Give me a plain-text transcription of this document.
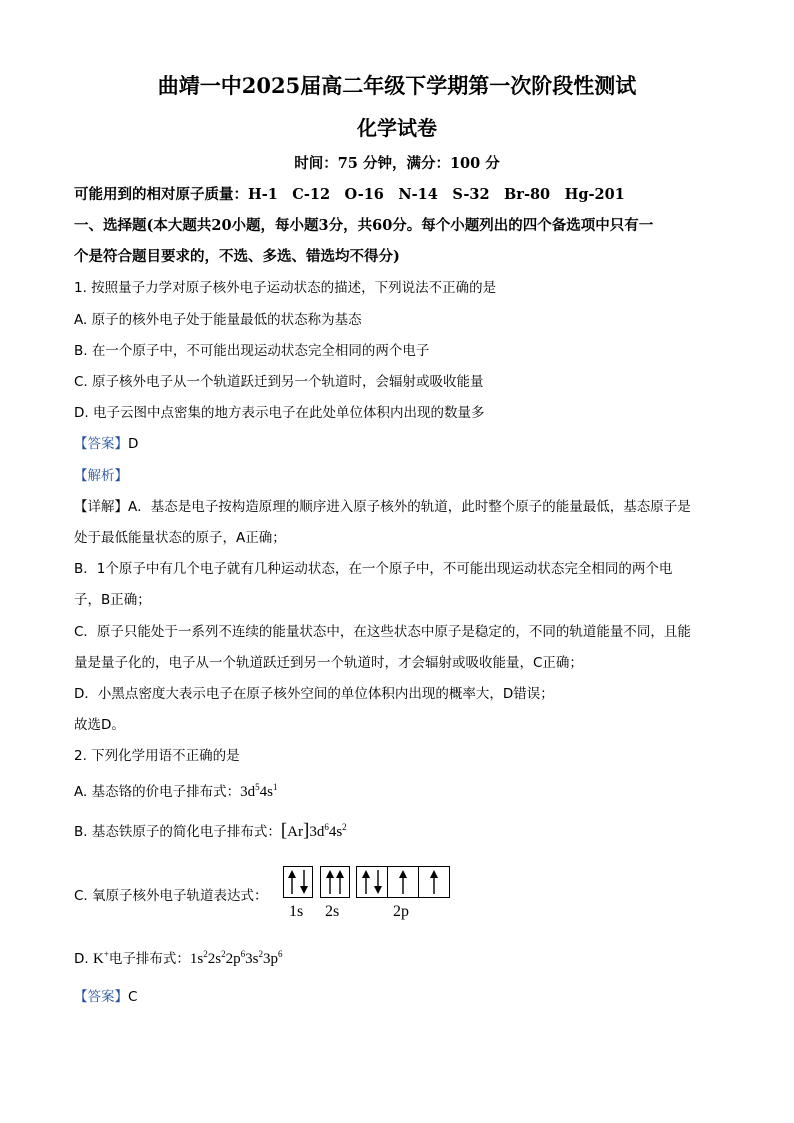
曲靖一中2025届高二年级下学期第一次阶段性测试
化学试卷
时间：75 分钟，满分：100 分
可能用到的相对原子质量：H-1　C-12　O-16　N-14　S-32　Br-80　Hg-201
一、选择题(本大题共20小题，每小题3分，共60分。每个小题列出的四个备选项中只有一
个是符合题目要求的，不选、多选、错选均不得分)
1. 按照量子力学对原子核外电子运动状态的描述，下列说法不正确的是
A. 原子的核外电子处于能量最低的状态称为基态
B. 在一个原子中，不可能出现运动状态完全相同的两个电子
C. 原子核外电子从一个轨道跃迁到另一个轨道时，会辐射或吸收能量
D. 电子云图中点密集的地方表示电子在此处单位体积内出现的数量多
【答案】D
【解析】
【详解】A．基态是电子按构造原理的顺序进入原子核外的轨道，此时整个原子的能量最低，基态原子是
处于最低能量状态的原子，A正确；
B．1个原子中有几个电子就有几种运动状态，在一个原子中，不可能出现运动状态完全相同的两个电
子，B正确；
C．原子只能处于一系列不连续的能量状态中，在这些状态中原子是稳定的，不同的轨道能量不同，且能
量是量子化的，电子从一个轨道跃迁到另一个轨道时，才会辐射或吸收能量，C正确；
D．小黑点密度大表示电子在原子核外空间的单位体积内出现的概率大，D错误；
故选D。
2. 下列化学用语不正确的是
A. 基态铬的价电子排布式：$3d^54s^1$
B. 基态铁原子的简化电子排布式：$[Ar]3d^64s^2$
C. 氧原子核外电子轨道表达式：
1s 2s	2p
D. K+电子排布式：$1s^22s^22p^63s^23p^6$
【答案】C
